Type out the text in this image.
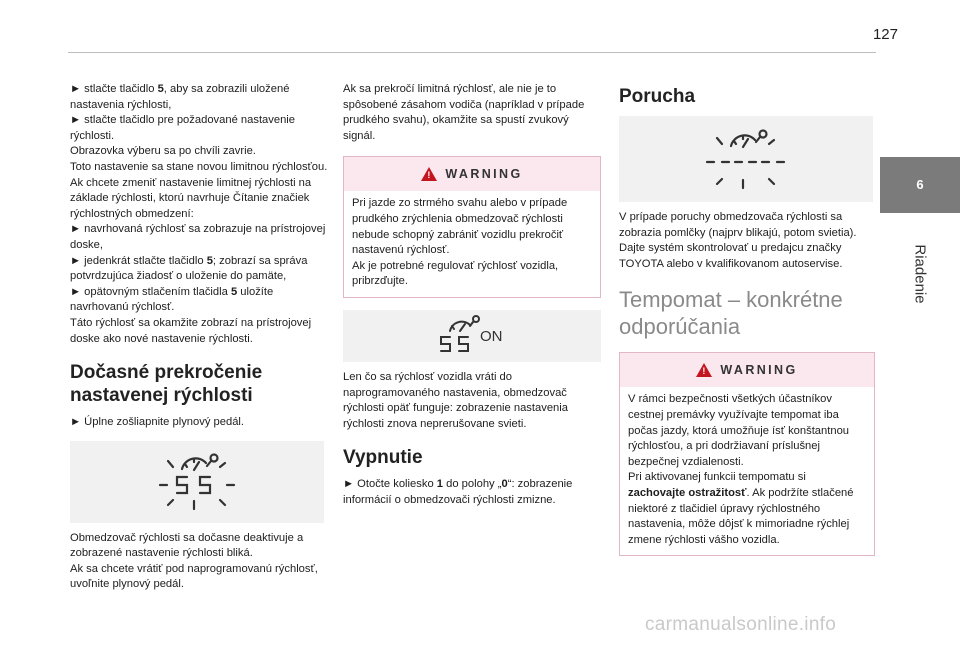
127
6
Riadenie

► stlačte tlačidlo 5, aby sa zobrazili uložené nastavenia rýchlosti,
► stlačte tlačidlo pre požadované nastavenie rýchlosti.
Obrazovka výberu sa po chvíli zavrie.
Toto nastavenie sa stane novou limitnou rýchlosťou.
Ak chcete zmeniť nastavenie limitnej rýchlosti na základe rýchlosti, ktorú navrhuje Čítanie značiek rýchlostných obmedzení:
► navrhovaná rýchlosť sa zobrazuje na prístrojovej doske,
► jedenkrát stlačte tlačidlo 5; zobrazí sa správa potvrdzujúca žiadosť o uloženie do pamäte,
► opätovným stlačením tlačidla 5 uložíte navrhovanú rýchlosť.
Táto rýchlosť sa okamžite zobrazí na prístrojovej doske ako nové nastavenie rýchlosti.

Dočasné prekročenie
nastavenej rýchlosti

► Úplne zošliapnite plynový pedál.

Obmedzovač rýchlosti sa dočasne deaktivuje a zobrazené nastavenie rýchlosti bliká.
Ak sa chcete vrátiť pod naprogramovanú rýchlosť, uvoľnite plynový pedál.

Ak sa prekročí limitná rýchlosť, ale nie je to spôsobené zásahom vodiča (napríklad v prípade prudkého svahu), okamžite sa spustí zvukový signál.

! WARNING
Pri jazde zo strmého svahu alebo v prípade prudkého zrýchlenia obmedzovač rýchlosti nebude schopný zabrániť vozidlu prekročiť nastavenú rýchlosť.
Ak je potrebné regulovať rýchlosť vozidla, pribrzďujte.
ON

Len čo sa rýchlosť vozidla vráti do naprogramovaného nastavenia, obmedzovač rýchlosti opäť funguje: zobrazenie nastavenia rýchlosti znova neprerušovane svieti.

Vypnutie

► Otočte koliesko 1 do polohy „0“: zobrazenie informácií o obmedzovači rýchlosti zmizne.

Porucha

V prípade poruchy obmedzovača rýchlosti sa zobrazia pomlčky (najprv blikajú, potom svietia). Dajte systém skontrolovať u predajcu značky TOYOTA alebo v kvalifikovanom autoservise.

Tempomat – konkrétne
odporúčania
! WARNING
V rámci bezpečnosti všetkých účastníkov cestnej premávky využívajte tempomat iba počas jazdy, ktorá umožňuje ísť konštantnou rýchlosťou, a pri dodržiavaní príslušnej bezpečnej vzdialenosti.
Pri aktivovanej funkcii tempomatu si zachovajte ostražitosť. Ak podržíte stlačené niektoré z tlačidiel úpravy rýchlostného nastavenia, môže dôjsť k mimoriadne rýchlej zmene rýchlosti vášho vozidla.
carmanualsonline.info
